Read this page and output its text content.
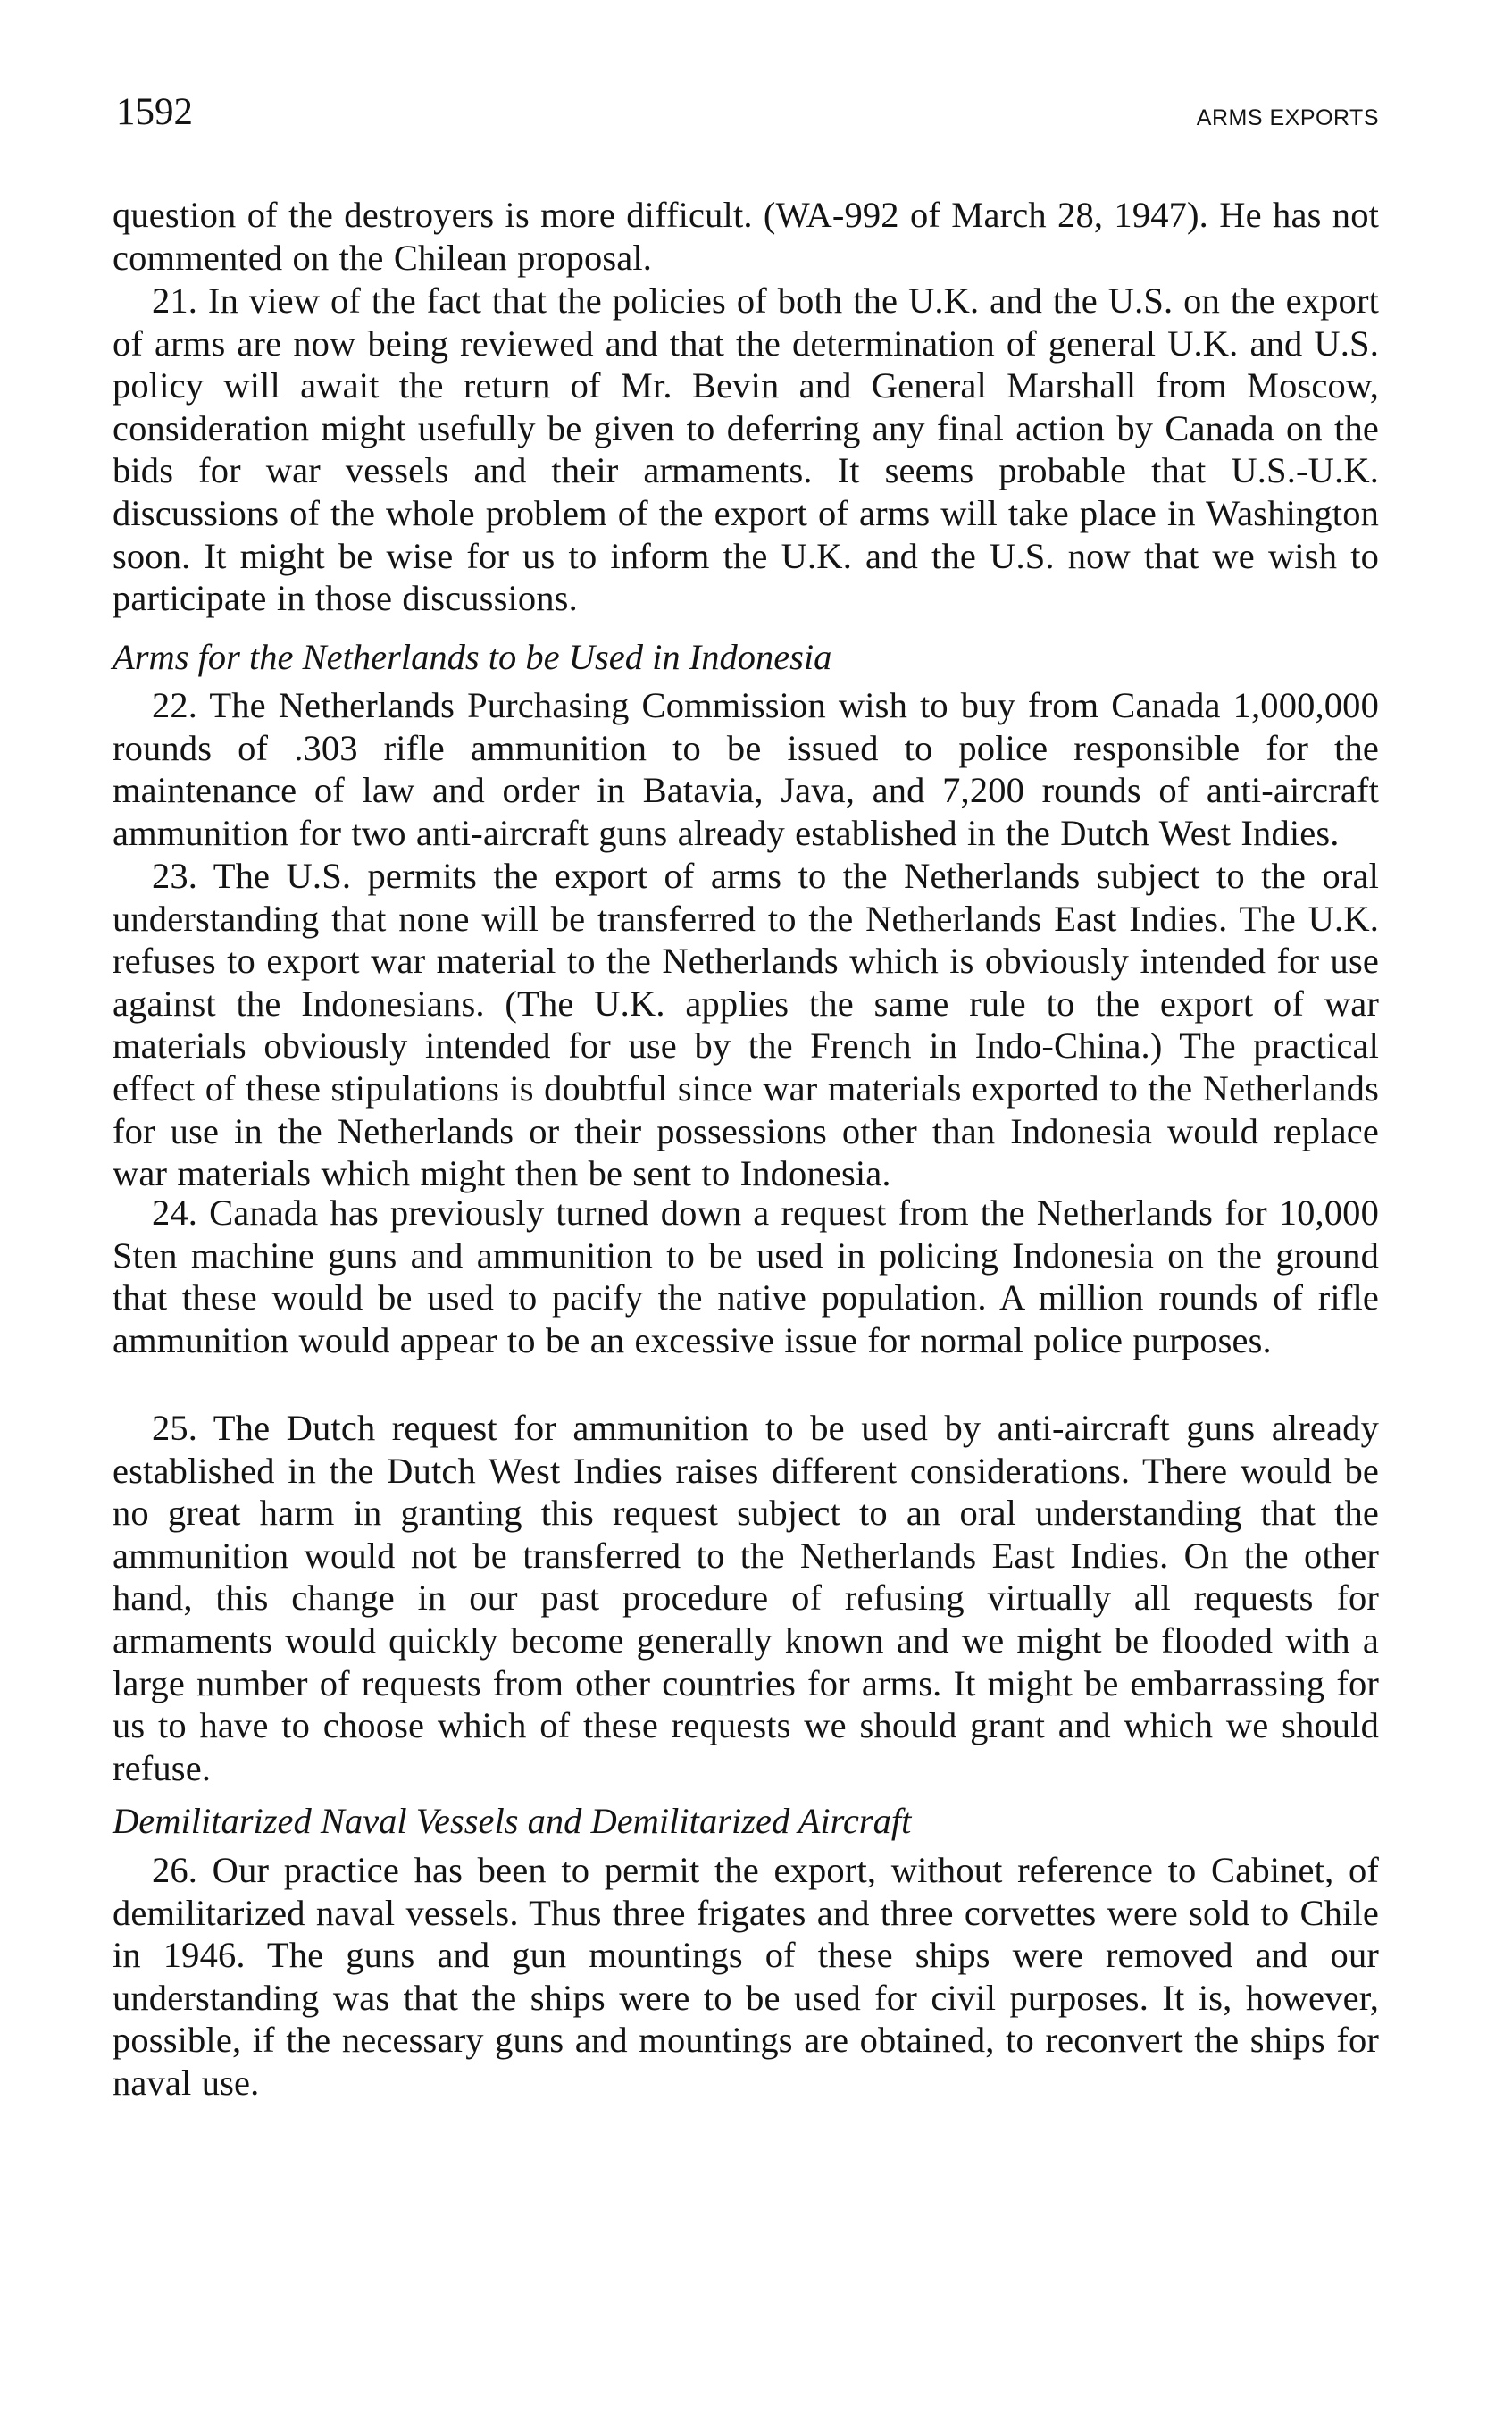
1592	ARMS EXPORTS
question of the destroyers is more difficult. (WA-992 of March 28, 1947). He has not commented on the Chilean proposal.
21. In view of the fact that the policies of both the U.K. and the U.S. on the export of arms are now being reviewed and that the determination of general U.K. and U.S. policy will await the return of Mr. Bevin and General Marshall from Moscow, consideration might usefully be given to deferring any final action by Canada on the bids for war vessels and their armaments. It seems probable that U.S.-U.K. discussions of the whole problem of the export of arms will take place in Washington soon. It might be wise for us to inform the U.K. and the U.S. now that we wish to participate in those discussions.
Arms for the Netherlands to be Used in Indonesia
22. The Netherlands Purchasing Commission wish to buy from Canada 1,000,000 rounds of .303 rifle ammunition to be issued to police responsible for the maintenance of law and order in Batavia, Java, and 7,200 rounds of anti-aircraft ammunition for two anti-aircraft guns already established in the Dutch West Indies.
23. The U.S. permits the export of arms to the Netherlands subject to the oral understanding that none will be transferred to the Netherlands East Indies. The U.K. refuses to export war material to the Netherlands which is obviously intended for use against the Indonesians. (The U.K. applies the same rule to the export of war materials obviously intended for use by the French in Indo-China.) The practical effect of these stipulations is doubtful since war materials exported to the Netherlands for use in the Netherlands or their possessions other than Indonesia would replace war materials which might then be sent to Indonesia.
24. Canada has previously turned down a request from the Netherlands for 10,000 Sten machine guns and ammunition to be used in policing Indonesia on the ground that these would be used to pacify the native population. A million rounds of rifle ammunition would appear to be an excessive issue for normal police purposes.
25. The Dutch request for ammunition to be used by anti-aircraft guns already established in the Dutch West Indies raises different considerations. There would be no great harm in granting this request subject to an oral understanding that the ammunition would not be transferred to the Netherlands East Indies. On the other hand, this change in our past procedure of refusing virtually all requests for armaments would quickly become generally known and we might be flooded with a large number of requests from other countries for arms. It might be embarrassing for us to have to choose which of these requests we should grant and which we should refuse.
Demilitarized Naval Vessels and Demilitarized Aircraft
26. Our practice has been to permit the export, without reference to Cabinet, of demilitarized naval vessels. Thus three frigates and three corvettes were sold to Chile in 1946. The guns and gun mountings of these ships were removed and our understanding was that the ships were to be used for civil purposes. It is, however, possible, if the necessary guns and mountings are obtained, to reconvert the ships for naval use.
